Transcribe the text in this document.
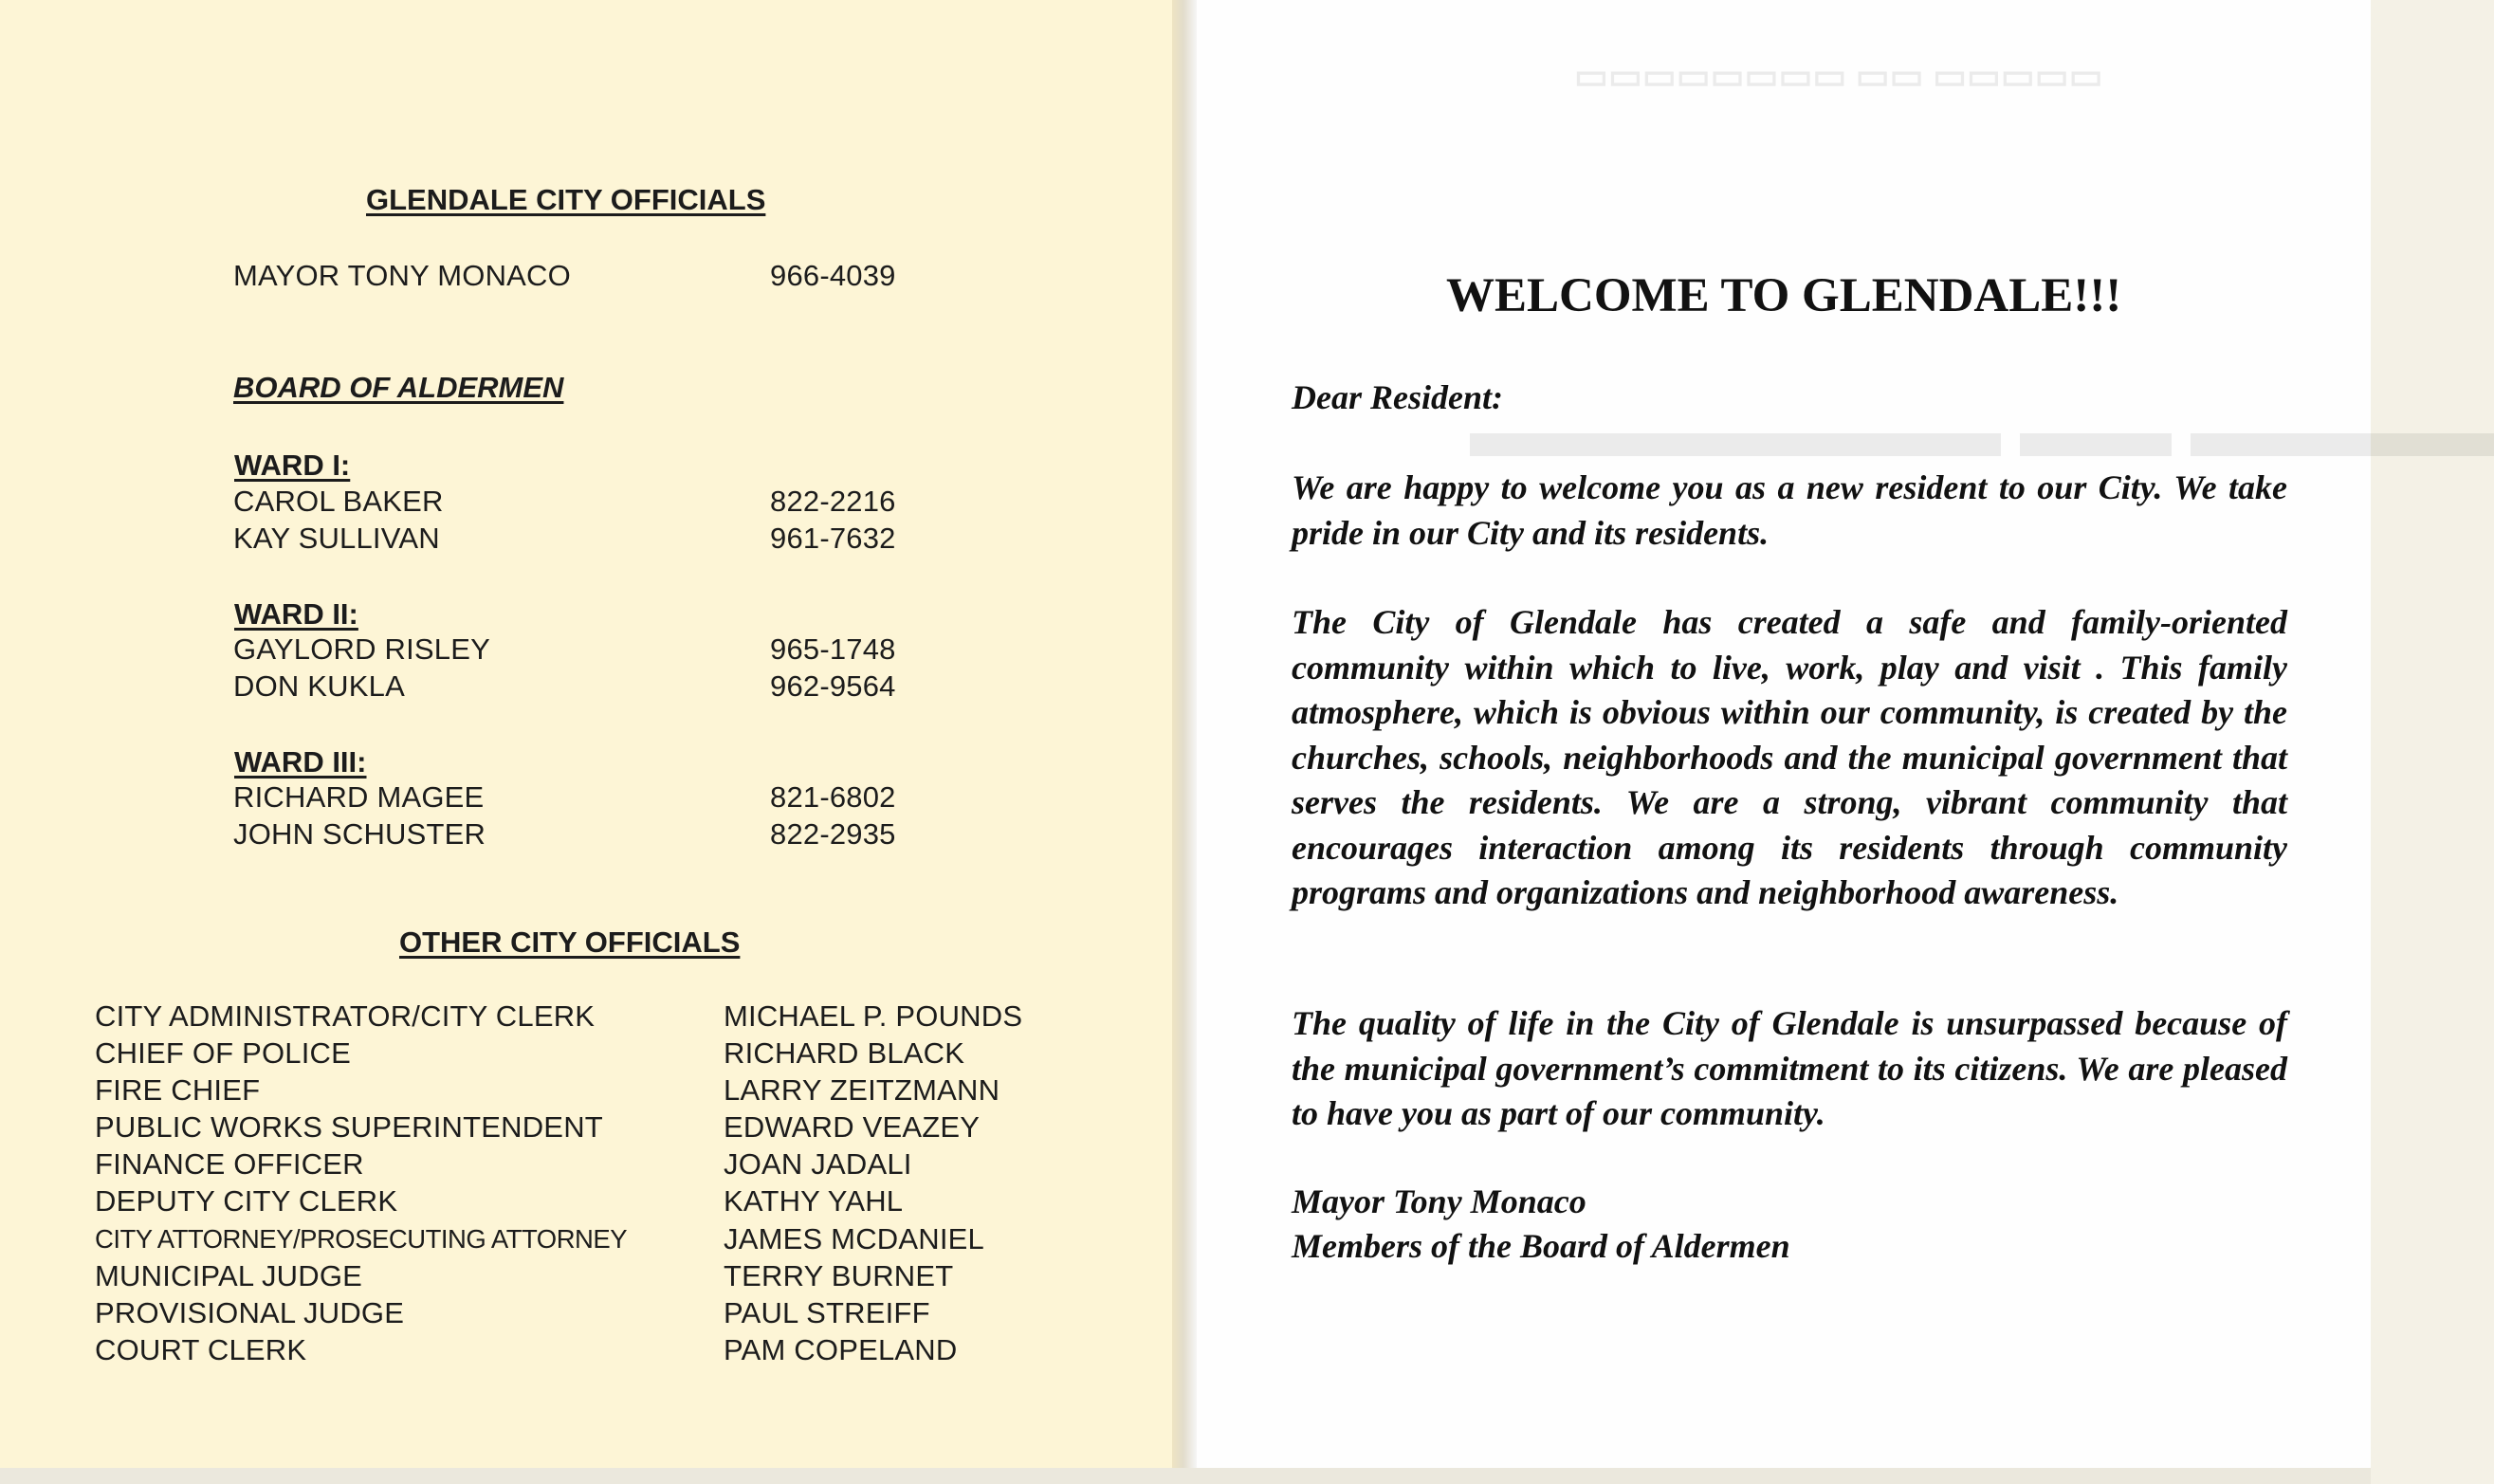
▭▭▭▭▭ ▭▭ ▭▭▭▭▭▭▭▭
▬▬▬▬ ▬▬ ▬▬▬▬▬▬▬
GLENDALE CITY OFFICIALS
MAYOR TONY MONACO	966-4039
BOARD OF ALDERMEN
WARD I:
CAROL BAKER	822-2216
KAY SULLIVAN	961-7632
WARD II:
GAYLORD RISLEY	965-1748
DON KUKLA	962-9564
WARD III:
RICHARD MAGEE	821-6802
JOHN SCHUSTER	822-2935
OTHER CITY OFFICIALS
CITY ADMINISTRATOR/CITY CLERK	MICHAEL P. POUNDS
CHIEF OF POLICE	RICHARD BLACK
FIRE CHIEF	LARRY ZEITZMANN
PUBLIC WORKS SUPERINTENDENT	EDWARD VEAZEY
FINANCE OFFICER	JOAN JADALI
DEPUTY CITY CLERK	KATHY YAHL
CITY ATTORNEY/PROSECUTING ATTORNEY	JAMES MCDANIEL
MUNICIPAL JUDGE	TERRY BURNET
PROVISIONAL JUDGE	PAUL STREIFF
COURT CLERK	PAM COPELAND
WELCOME TO GLENDALE!!!
Dear Resident:
We are happy to welcome you as a new resident to our City. We take pride in our City and its residents.
The City of Glendale has created a safe and family-oriented community within which to live, work, play and visit . This family atmosphere, which is obvious within our community, is created by the churches, schools, neighborhoods and the municipal government that serves the residents. We are a strong, vibrant community that encourages interaction among its residents through community programs and organizations and neighborhood awareness.
The quality of life in the City of Glendale is unsurpassed because of the municipal government’s commitment to its citizens. We are pleased to have you as part of our community.
Mayor Tony Monaco
Members of the Board of Aldermen
